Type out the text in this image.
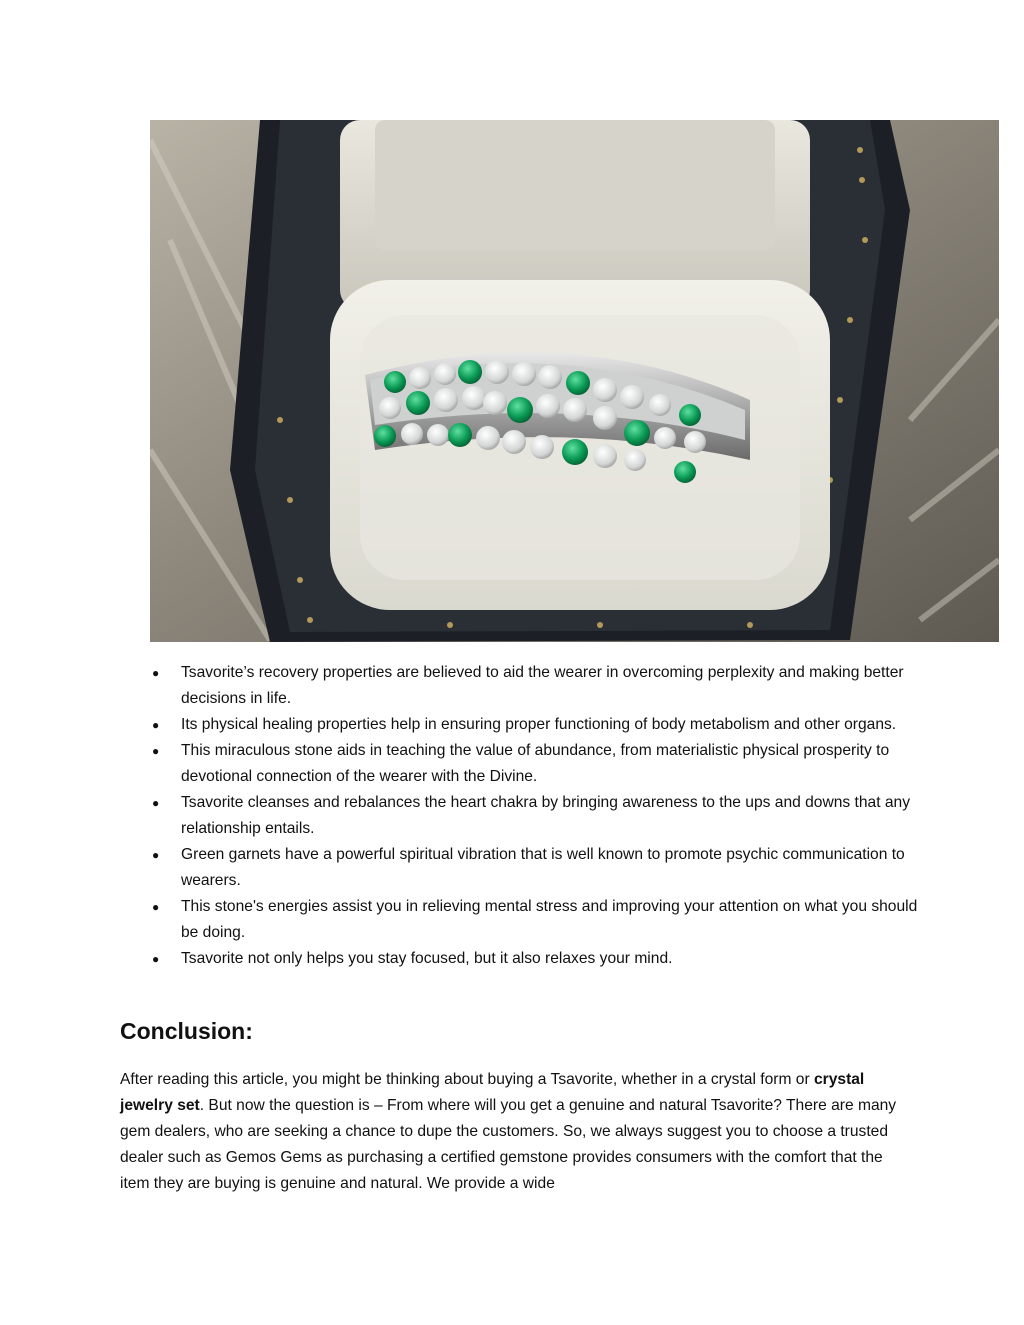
● Tsavorite’s recovery properties are believed to aid the wearer in overcoming perplexity and making better decisions in life.
● Its physical healing properties help in ensuring proper functioning of body metabolism and other organs.
● This miraculous stone aids in teaching the value of abundance, from materialistic physical prosperity to devotional connection of the wearer with the Divine.
● Tsavorite cleanses and rebalances the heart chakra by bringing awareness to the ups and downs that any relationship entails.
● Green garnets have a powerful spiritual vibration that is well known to promote psychic communication to wearers.
● This stone's energies assist you in relieving mental stress and improving your attention on what you should be doing.
● Tsavorite not only helps you stay focused, but it also relaxes your mind.
Conclusion:

After reading this article, you might be thinking about buying a Tsavorite, whether in a crystal form or crystal jewelry set. But now the question is – From where will you get a genuine and natural Tsavorite? There are many gem dealers, who are seeking a chance to dupe the customers. So, we always suggest you to choose a trusted dealer such as Gemos Gems as purchasing a certified gemstone provides consumers with the comfort that the item they are buying is genuine and natural. We provide a wide
